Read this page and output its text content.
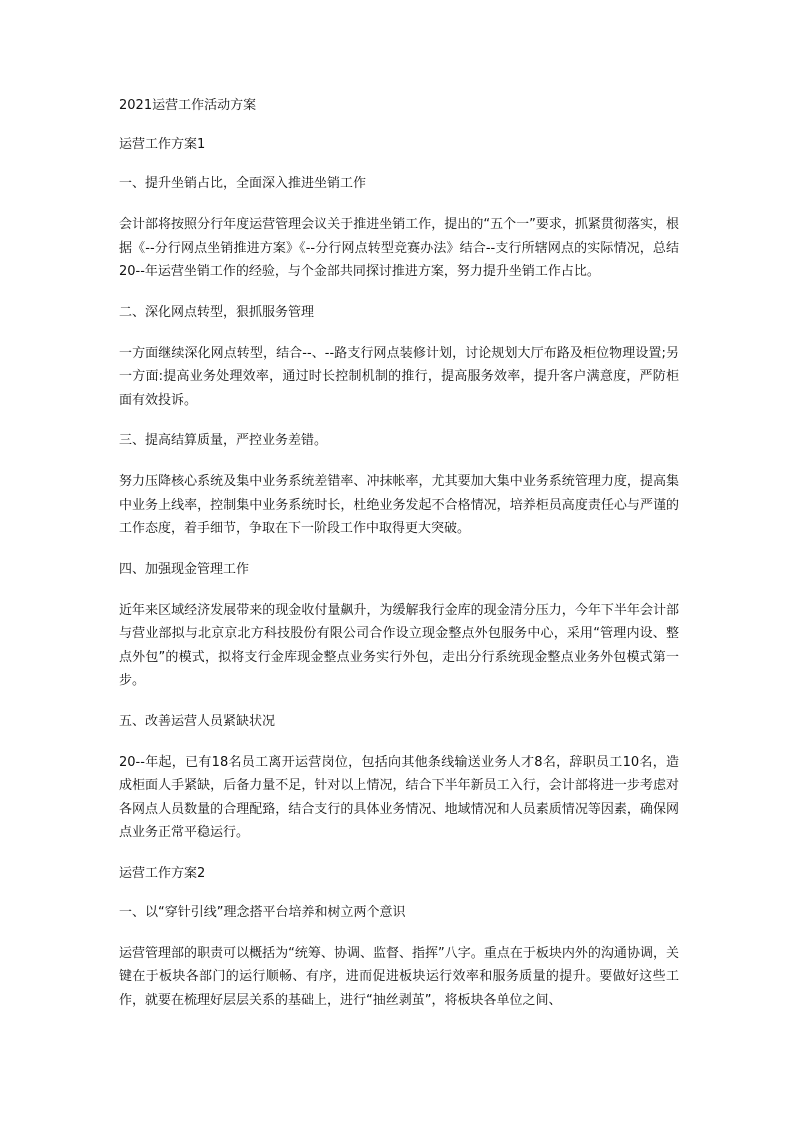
2021运营工作活动方案
运营工作方案1
一、提升坐销占比，全面深入推进坐销工作
会计部将按照分行年度运营管理会议关于推进坐销工作，提出的“五个一”要求，抓紧贯彻落实，根据《--分行网点坐销推进方案》《--分行网点转型竞赛办法》结合--支行所辖网点的实际情况，总结20--年运营坐销工作的经验，与个金部共同探讨推进方案，努力提升坐销工作占比。
二、深化网点转型，狠抓服务管理
一方面继续深化网点转型，结合--、--路支行网点装修计划，讨论规划大厅布路及柜位物理设置;另一方面:提高业务处理效率，通过时长控制机制的推行，提高服务效率，提升客户满意度，严防柜面有效投诉。
三、提高结算质量，严控业务差错。
努力压降核心系统及集中业务系统差错率、冲抹帐率，尤其要加大集中业务系统管理力度，提高集中业务上线率，控制集中业务系统时长，杜绝业务发起不合格情况，培养柜员高度责任心与严谨的工作态度，着手细节，争取在下一阶段工作中取得更大突破。
四、加强现金管理工作
近年来区域经济发展带来的现金收付量飙升，为缓解我行金库的现金清分压力，今年下半年会计部与营业部拟与北京京北方科技股份有限公司合作设立现金整点外包服务中心，采用“管理内设、整点外包”的模式，拟将支行金库现金整点业务实行外包，走出分行系统现金整点业务外包模式第一步。
五、改善运营人员紧缺状况
20--年起，已有18名员工离开运营岗位，包括向其他条线输送业务人才8名，辞职员工10名，造成柜面人手紧缺，后备力量不足，针对以上情况，结合下半年新员工入行，会计部将进一步考虑对各网点人员数量的合理配臵，结合支行的具体业务情况、地域情况和人员素质情况等因素，确保网点业务正常平稳运行。
运营工作方案2
一、以“穿针引线”理念搭平台培养和树立两个意识
运营管理部的职责可以概括为“统筹、协调、监督、指挥”八字。重点在于板块内外的沟通协调，关键在于板块各部门的运行顺畅、有序，进而促进板块运行效率和服务质量的提升。要做好这些工作，就要在梳理好层层关系的基础上，进行“抽丝剥茧”，将板块各单位之间、
